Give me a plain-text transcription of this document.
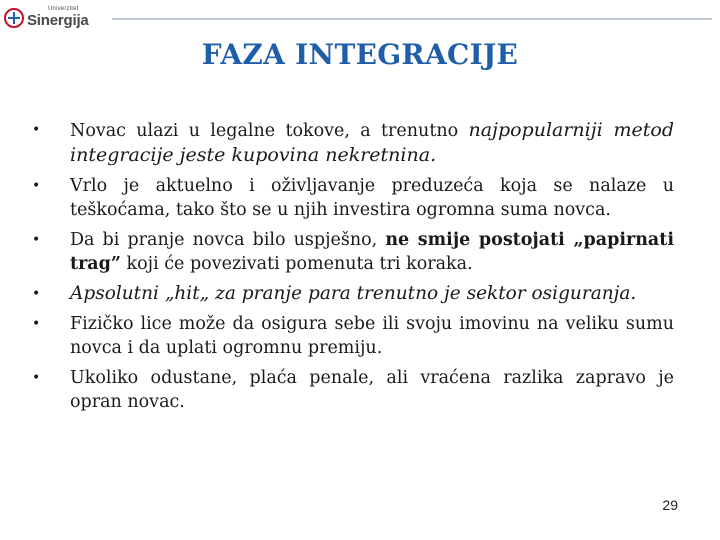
Univerzitet
Sinergija
FAZA INTEGRACIJE
• Novac ulazi u legalne tokove, a trenutno najpopularniji metod integracije jeste kupovina nekretnina.
• Vrlo je aktuelno i oživljavanje preduzeća koja se nalaze u teškoćama, tako što se u njih investira ogromna suma novca.
• Da bi pranje novca bilo uspješno, ne smije postojati „papirnati trag” koji će povezivati pomenuta tri koraka.
• Apsolutni „hit„ za pranje para trenutno je sektor osiguranja.
• Fizičko lice može da osigura sebe ili svoju imovinu na veliku sumu novca i da uplati ogromnu premiju.
• Ukoliko odustane, plaća penale, ali vraćena razlika zapravo je opran novac.
29
